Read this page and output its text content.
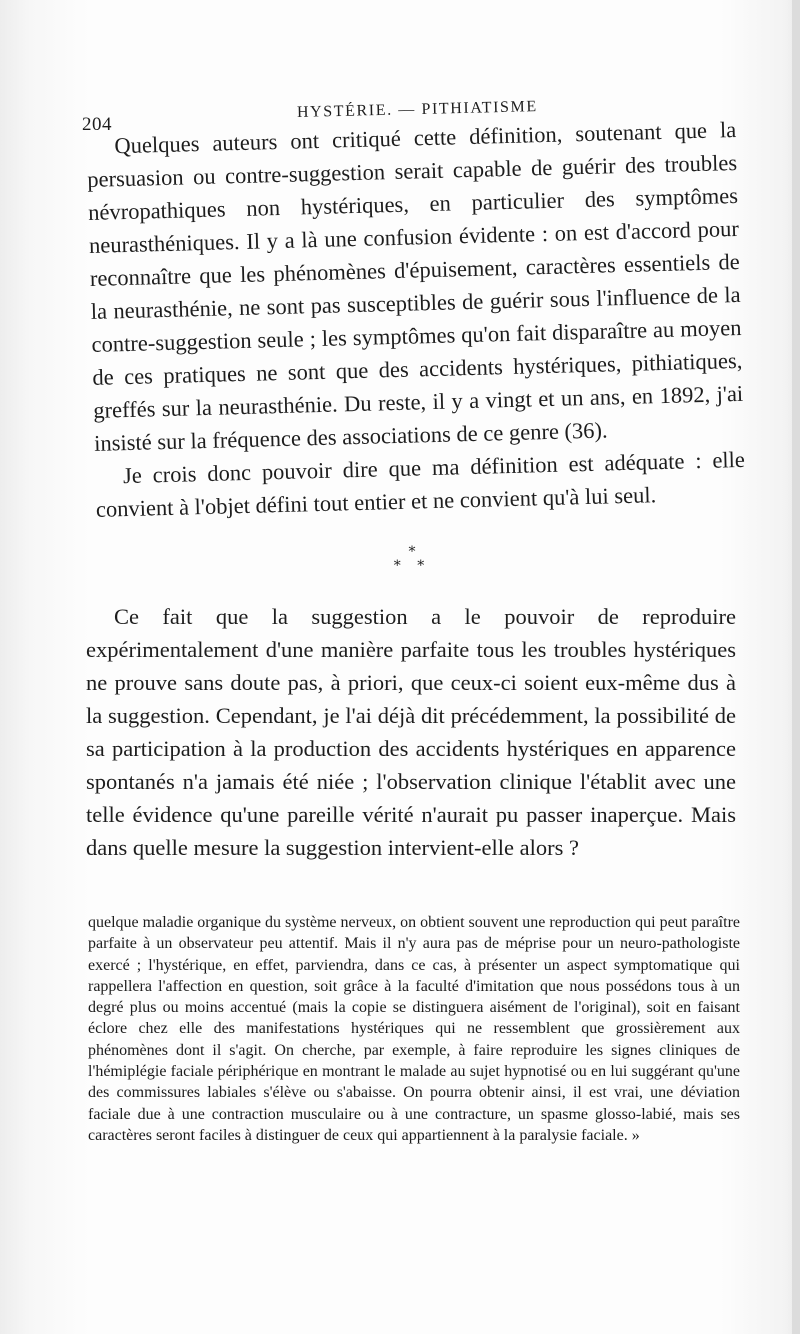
204
HYSTÉRIE. — PITHIATISME

Quelques auteurs ont critiqué cette définition, soutenant que la persuasion ou contre-suggestion serait capable de guérir des troubles névropathiques non hystériques, en particulier des symptômes neurasthéniques. Il y a là une confusion évidente : on est d'accord pour reconnaître que les phénomènes d'épuisement, caractères essentiels de la neurasthénie, ne sont pas susceptibles de guérir sous l'influence de la contre-suggestion seule ; les symptômes qu'on fait disparaître au moyen de ces pratiques ne sont que des accidents hystériques, pithiatiques, greffés sur la neurasthénie. Du reste, il y a vingt et un ans, en 1892, j'ai insisté sur la fréquence des associations de ce genre (36).

Je crois donc pouvoir dire que ma définition est adéquate : elle convient à l'objet défini tout entier et ne convient qu'à lui seul.

*
* *

Ce fait que la suggestion a le pouvoir de reproduire expérimentalement d'une manière parfaite tous les troubles hystériques ne prouve sans doute pas, à priori, que ceux-ci soient eux-même dus à la suggestion. Cependant, je l'ai déjà dit précédemment, la possibilité de sa participation à la production des accidents hystériques en apparence spontanés n'a jamais été niée ; l'observation clinique l'établit avec une telle évidence qu'une pareille vérité n'aurait pu passer inaperçue. Mais dans quelle mesure la suggestion intervient-elle alors ?

quelque maladie organique du système nerveux, on obtient souvent une reproduction qui peut paraître parfaite à un observateur peu attentif. Mais il n'y aura pas de méprise pour un neuro-pathologiste exercé ; l'hystérique, en effet, parviendra, dans ce cas, à présenter un aspect symptomatique qui rappellera l'affection en question, soit grâce à la faculté d'imitation que nous possédons tous à un degré plus ou moins accentué (mais la copie se distinguera aisément de l'original), soit en faisant éclore chez elle des manifestations hystériques qui ne ressemblent que grossièrement aux phénomènes dont il s'agit. On cherche, par exemple, à faire reproduire les signes cliniques de l'hémiplégie faciale périphérique en montrant le malade au sujet hypnotisé ou en lui suggérant qu'une des commissures labiales s'élève ou s'abaisse. On pourra obtenir ainsi, il est vrai, une déviation faciale due à une contraction musculaire ou à une contracture, un spasme glosso-labié, mais ses caractères seront faciles à distinguer de ceux qui appartiennent à la paralysie faciale. »
